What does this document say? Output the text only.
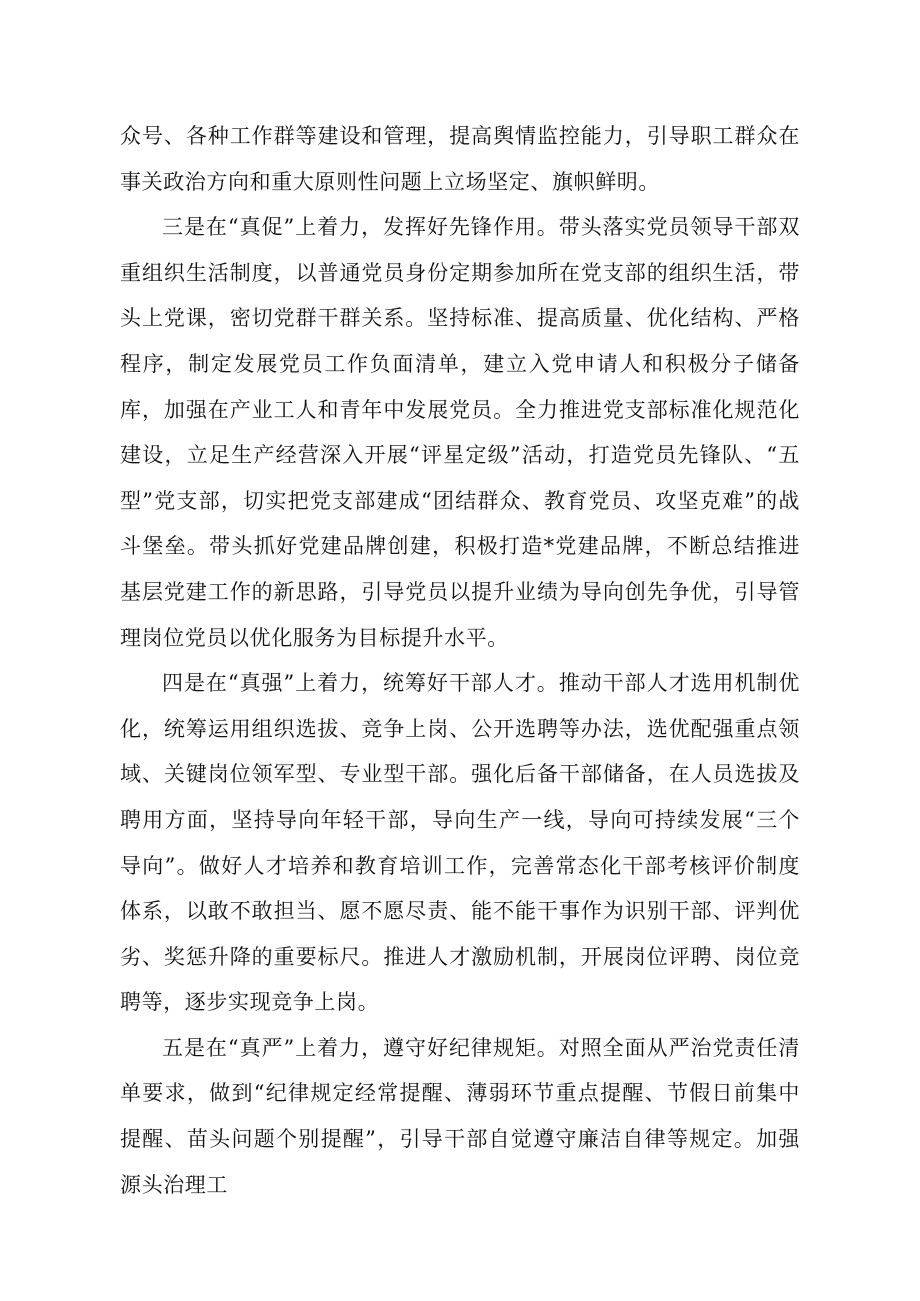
众号、各种工作群等建设和管理，提高舆情监控能力，引导职工群众在事关政治方向和重大原则性问题上立场坚定、旗帜鲜明。

三是在“真促”上着力，发挥好先锋作用。带头落实党员领导干部双重组织生活制度，以普通党员身份定期参加所在党支部的组织生活，带头上党课，密切党群干群关系。坚持标准、提高质量、优化结构、严格程序，制定发展党员工作负面清单，建立入党申请人和积极分子储备库，加强在产业工人和青年中发展党员。全力推进党支部标准化规范化建设，立足生产经营深入开展“评星定级”活动，打造党员先锋队、“五型”党支部，切实把党支部建成“团结群众、教育党员、攻坚克难”的战斗堡垒。带头抓好党建品牌创建，积极打造*党建品牌，不断总结推进基层党建工作的新思路，引导党员以提升业绩为导向创先争优，引导管理岗位党员以优化服务为目标提升水平。

四是在“真强”上着力，统筹好干部人才。推动干部人才选用机制优化，统筹运用组织选拔、竞争上岗、公开选聘等办法，选优配强重点领域、关键岗位领军型、专业型干部。强化后备干部储备，在人员选拔及聘用方面，坚持导向年轻干部，导向生产一线，导向可持续发展“三个导向”。做好人才培养和教育培训工作，完善常态化干部考核评价制度体系，以敢不敢担当、愿不愿尽责、能不能干事作为识别干部、评判优劣、奖惩升降的重要标尺。推进人才激励机制，开展岗位评聘、岗位竞聘等，逐步实现竞争上岗。

五是在“真严”上着力，遵守好纪律规矩。对照全面从严治党责任清单要求，做到“纪律规定经常提醒、薄弱环节重点提醒、节假日前集中提醒、苗头问题个别提醒”，引导干部自觉遵守廉洁自律等规定。加强源头治理工
